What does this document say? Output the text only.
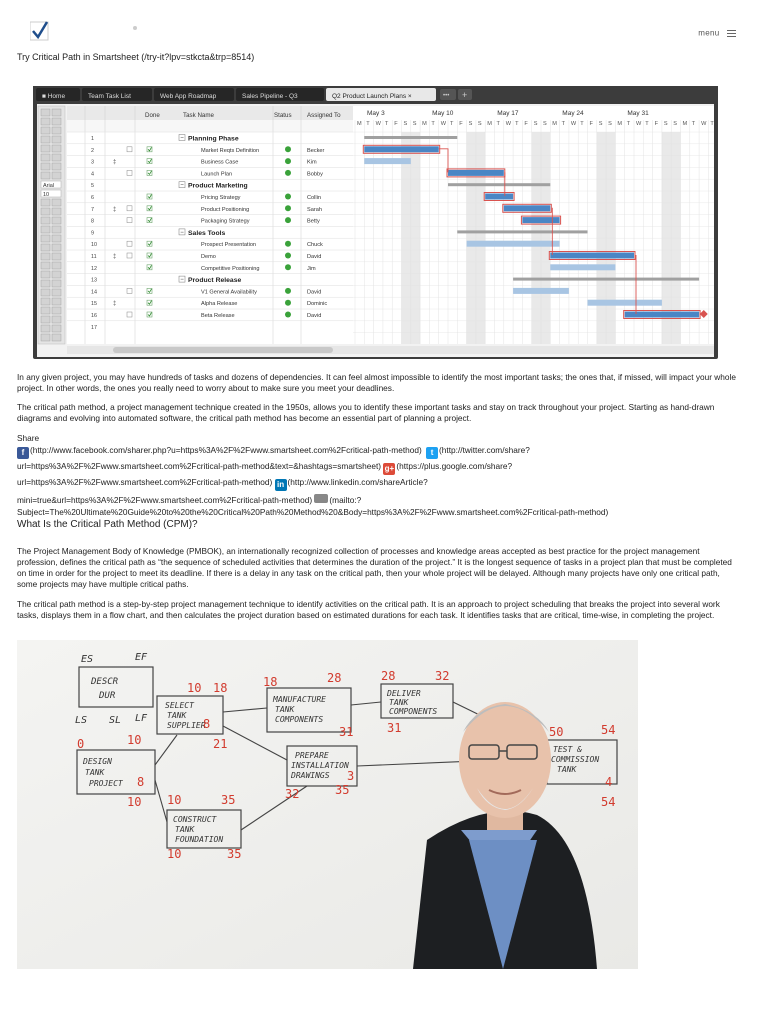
menu
Try Critical Path in Smartsheet (/try-it?lpv=stkcta&trp=8514)
■ Home	Team Task List	Web App Roadmap	Sales Pipeline - Q3	Q2 Product Launch Plans ×	••• +
Arial
10
Done	Task Name	Status Assigned To
1	− Planning Phase
2	Market Reqts Definition	Becker
3	‡	Business Case	Kim
4	Launch Plan	Bobby
5	− Product Marketing
6	Pricing Strategy	Collin
7	‡	Product Positioning	Sarah
8	Packaging Strategy	Betty
9	− Sales Tools
10	Prospect Presentation	Chuck
11	‡	Demo	David
12	Competitive Positioning	Jim
13	− Product Release
14	V1 General Availability	David
15	‡	Alpha Release	Dominic
16	Beta Release	David
17
May 3	May 10	May 17	May 24	May 31
M T W T F S S M T W T F S S M T W T F S S M T W T F S S M T W T F S S M T W T

In any given project, you may have hundreds of tasks and dozens of dependencies. It can feel almost impossible to identify the most important tasks; the ones that, if missed, will impact your whole project. In other words, the ones you really need to worry about to make sure you meet your deadlines.

The critical path method, a project management technique created in the 1950s, allows you to identify these important tasks and stay on track throughout your project. Starting as hand-drawn diagrams and evolving into automated software, the critical path method has become an essential part of planning a project.

Share
f (http://www.facebook.com/sharer.php?u=https%3A%2F%2Fwww.smartsheet.com%2Fcritical-path-method) t (http://twitter.com/share?
url=https%3A%2F%2Fwww.smartsheet.com%2Fcritical-path-method&text=&hashtags=smartsheet) g+ (https://plus.google.com/share?
url=https%3A%2F%2Fwww.smartsheet.com%2Fcritical-path-method) in (http://www.linkedin.com/shareArticle?
mini=true&url=https%3A%2F%2Fwww.smartsheet.com%2Fcritical-path-method) (mailto:?
Subject=The%20Ultimate%20Guide%20to%20the%20Critical%20Path%20Method%20&Body=https%3A%2F%2Fwww.smartsheet.com%2Fcritical-path-method)
What Is the Critical Path Method (CPM)?

The Project Management Body of Knowledge (PMBOK), an internationally recognized collection of processes and knowledge areas accepted as best practice for the project management profession, defines the critical path as “the sequence of scheduled activities that determines the duration of the project.” It is the longest sequence of tasks in a project plan that must be completed on time in order for the project to meet its deadline. If there is a delay in any task on the critical path, then your whole project will be delayed. Although many projects have only one critical path, some projects may have multiple critical paths.

The critical path method is a step-by-step project management technique to identify activities on the critical path. It is an approach to project scheduling that breaks the project into several work tasks, displays them in a flow chart, and then calculates the project duration based on estimated durations for each task. It identifies tasks that are critical, time-wise, in completing the project.

ES	EF
DESCR
DUR
LS SL LF
DESIGN
TANK
PROJECT
SELECT
TANK
SUPPLIER
MANUFACTURE
TANK
COMPONENTS
DELIVER
TANK
COMPONENTS
PREPARE
INSTALLATION
DRAWINGS
CONSTRUCT
TANK
FOUNDATION
TEST &
COMMISSION
TANK
0	10
10 18	18	28	28	32
10
8
21
8
31	31
3
32	35
10	35
10	35
50	54
54
4
